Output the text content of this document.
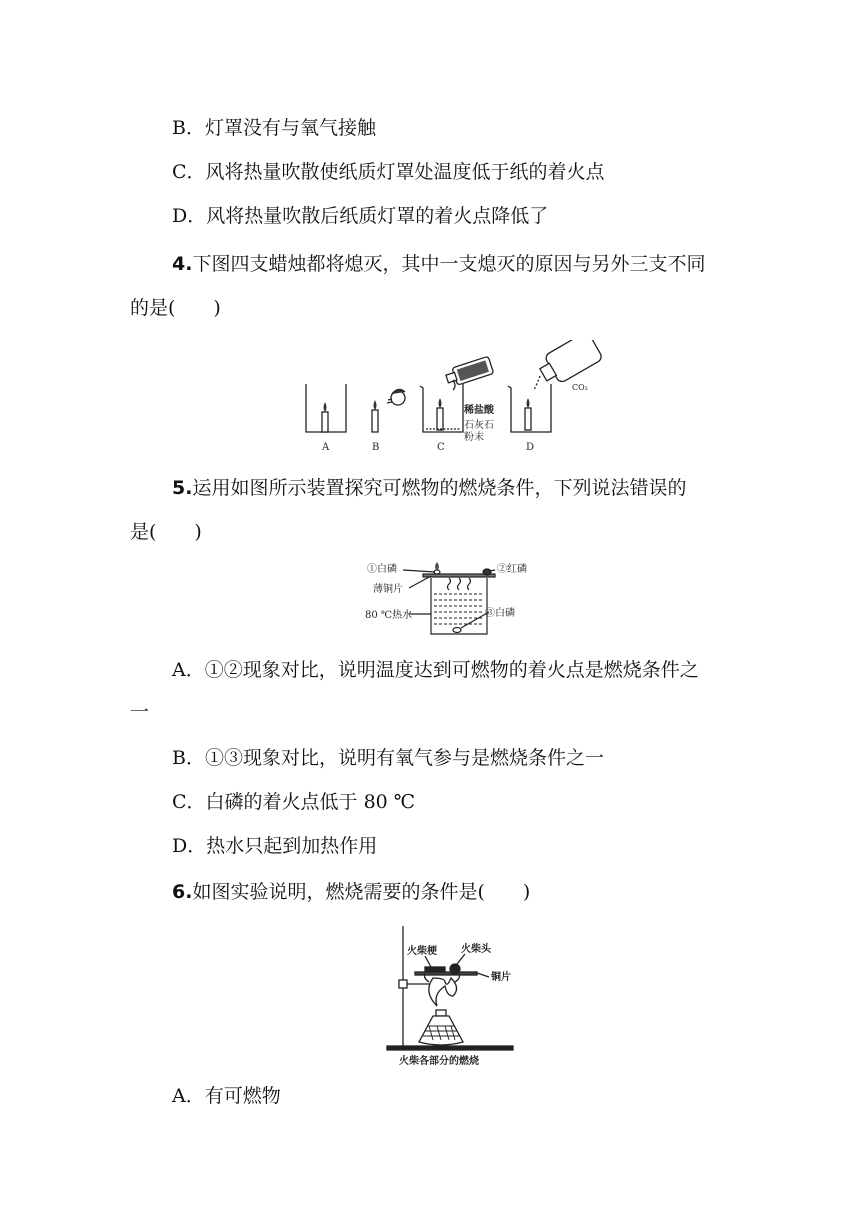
B．灯罩没有与氧气接触
C．风将热量吹散使纸质灯罩处温度低于纸的着火点
D．风将热量吹散后纸质灯罩的着火点降低了
4.下图四支蜡烛都将熄灭，其中一支熄灭的原因与另外三支不同
的是(　　)
A	B	C	D
稀盐酸
石灰石
粉末
CO₂
5.运用如图所示装置探究可燃物的燃烧条件，下列说法错误的
是(　　)
①白磷	②红磷
薄铜片
80 ℃热水	③白磷
A．①②现象对比，说明温度达到可燃物的着火点是燃烧条件之
一
B．①③现象对比，说明有氧气参与是燃烧条件之一
C．白磷的着火点低于 80 ℃
D．热水只起到加热作用
6.如图实验说明，燃烧需要的条件是(　　)
火柴梗 火柴头
铜片
火柴各部分的燃烧
A．有可燃物
